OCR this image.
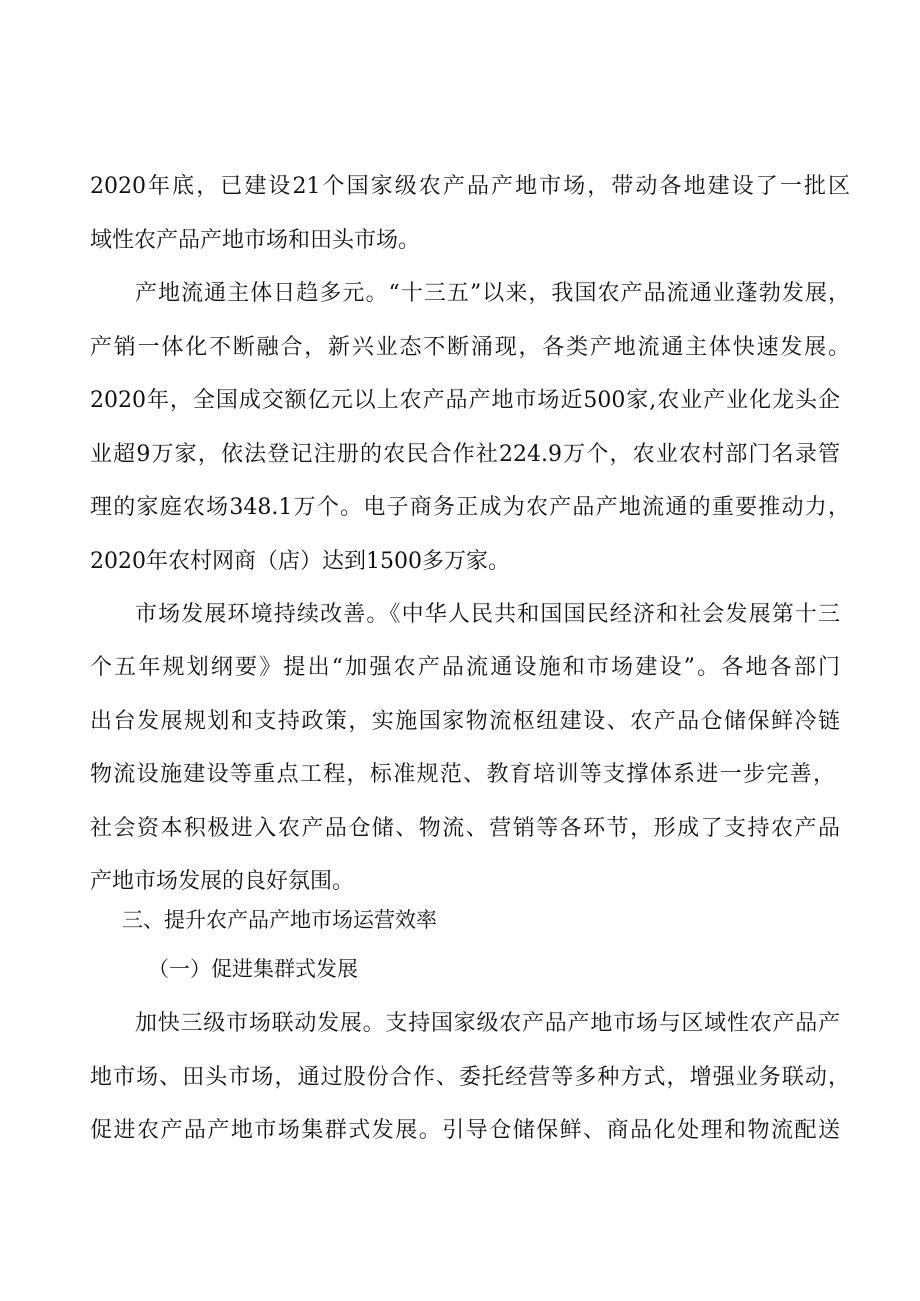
2020年底，已建设21个国家级农产品产地市场，带动各地建设了一批区
域性农产品产地市场和田头市场。
产地流通主体日趋多元。“十三五”以来，我国农产品流通业蓬勃发展，
产销一体化不断融合，新兴业态不断涌现，各类产地流通主体快速发展。
2020年，全国成交额亿元以上农产品产地市场近500家,农业产业化龙头企
业超9万家，依法登记注册的农民合作社224.9万个，农业农村部门名录管
理的家庭农场348.1万个。电子商务正成为农产品产地流通的重要推动力，
2020年农村网商（店）达到1500多万家。
市场发展环境持续改善。《中华人民共和国国民经济和社会发展第十三
个五年规划纲要》提出“加强农产品流通设施和市场建设”。各地各部门
出台发展规划和支持政策，实施国家物流枢纽建设、农产品仓储保鲜冷链
物流设施建设等重点工程，标准规范、教育培训等支撑体系进一步完善，
社会资本积极进入农产品仓储、物流、营销等各环节，形成了支持农产品
产地市场发展的良好氛围。
三、提升农产品产地市场运营效率
（一）促进集群式发展
加快三级市场联动发展。支持国家级农产品产地市场与区域性农产品产
地市场、田头市场，通过股份合作、委托经营等多种方式，增强业务联动，
促进农产品产地市场集群式发展。引导仓储保鲜、商品化处理和物流配送
